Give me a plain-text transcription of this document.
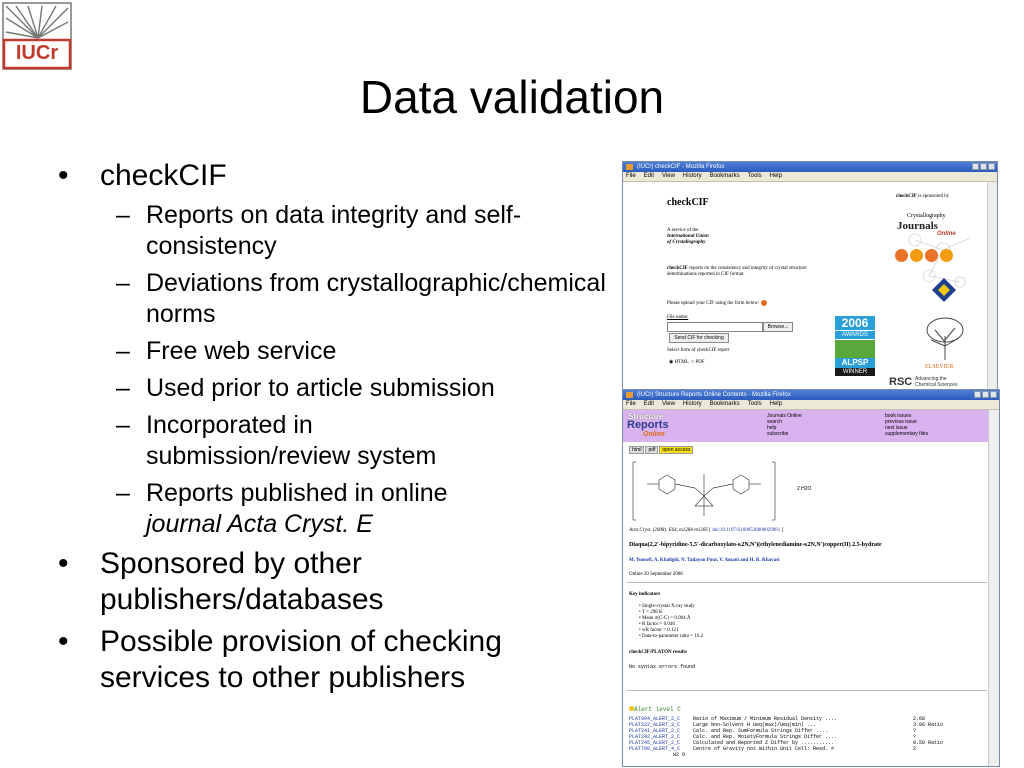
IUCr
Data validation
• checkCIF
– Reports on data integrity and self-consistency
– Deviations from crystallographic/chemical norms
– Free web service
– Used prior to article submission
– Incorporated in submission/review system
– Reports published in online journal Acta Cryst. E
• Sponsored by other publishers/databases
• Possible provision of checking services to other publishers
(IUCr) checkCIF - Mozilla Firefox
File Edit View History Bookmarks Tools Help
checkCIF
A service of the
International Union
of Crystallography
checkCIF reports on the consistency and integrity of crystal structure determinations reported in CIF format.
Please upload your CIF using the form below:
File name:
Browse...
Send CIF for checking
Select form of checkCIF report
◉ HTML ○ PDF
checkCIF is sponsored by
Crystallography
Journals
Online
2006
AWARDS
ALPSP
WINNER
ELSEVIER
RSC Advancing the Chemical Sciences
(IUCr) Structure Reports Online Contents - Mozilla Firefox
File Edit View History Bookmarks Tools Help
Structure
Reports
Online
Journals Online
search
help
subscribe
book issues
previous issue
next issue
supplementary files
html	pdf	open access
2 H2O
Acta Cryst. (2008). E64, m1284-m1285 [ doi:10.1107/S1600536808029961 ]
Diaqua(2,2'-bipyridine-5,5'-dicarboxylato-κ2N,N')(ethylenediamine-κ2N,N')copper(II) 2.5-hydrate
M. Yousefi, A. Khalighi, N. Tadayon Pour, V. Amani and H. R. Khavasi
Online 20 September 2008
Key indicators
• Single-crystal X-ray study
• T = 298 K
• Mean σ(C-C) = 0.004 Å
• R factor = 0.046
• wR factor = 0.121
• Data-to-parameter ratio = 16.2
checkCIF/PLATON results
No syntax errors found
Alert level C
PLAT094_ALERT_2_C	Ratio of Maximum / Minimum Residual Density ....	2.68
PLAT222_ALERT_3_C	Large Non-Solvent H Ueq(max)/Ueq(min) ...	3.06 Ratio
PLAT241_ALERT_2_C	Calc. and Rep. SumFormula Strings Differ ....	?
PLAT242_ALERT_2_C	Calc. and Rep. MoietyFormula Strings Differ ....	?
PLAT245_ALERT_2_C	Calculated and Reported Z Differ by ...........	0.50 Ratio
PLAT790_ALERT_4_C	Centre of Gravity not Within Unit Cell: Resd. #	2
H2 O
